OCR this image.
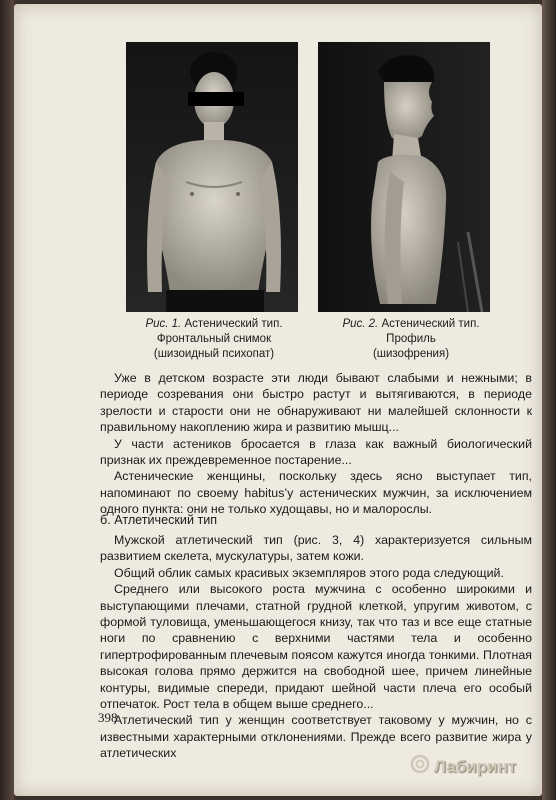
Рис. 1. Астенический тип.
Фронтальный снимок
(шизоидный психопат)
Рис. 2. Астенический тип.
Профиль
(шизофрения)

Уже в детском возрасте эти люди бывают слабыми и нежными; в периоде созревания они быстро растут и вытягиваются, в периоде зрелости и старости они не обнаруживают ни малейшей склонности к правильному накоплению жира и развитию мышц...

У части астеников бросается в глаза как важный биологический признак их преждевременное постарение...

Астенические женщины, поскольку здесь ясно выступает тип, напоминают по своему habitus’у астенических мужчин, за исключением одного пункта: они не только худощавы, но и малорослы.

б. Атлетический тип

Мужской атлетический тип (рис. 3, 4) характеризуется сильным развитием скелета, мускулатуры, затем кожи.

Общий облик самых красивых экземпляров этого рода следующий.

Среднего или высокого роста мужчина с особенно широкими и выступающими плечами, статной грудной клеткой, упругим животом, с формой туловища, уменьшающегося книзу, так что таз и все еще статные ноги по сравнению с верхними частями тела и особенно гипертрофированным плечевым поясом кажутся иногда тонкими. Плотная высокая голова прямо держится на свободной шее, причем линейные контуры, видимые спереди, придают шейной части плеча его особый отпечаток. Рост тела в общем выше среднего...

Атлетический тип у женщин соответствует таковому у мужчин, но с известными характерными отклонениями. Прежде всего развитие жира у атлетических

398
Лабиринт
